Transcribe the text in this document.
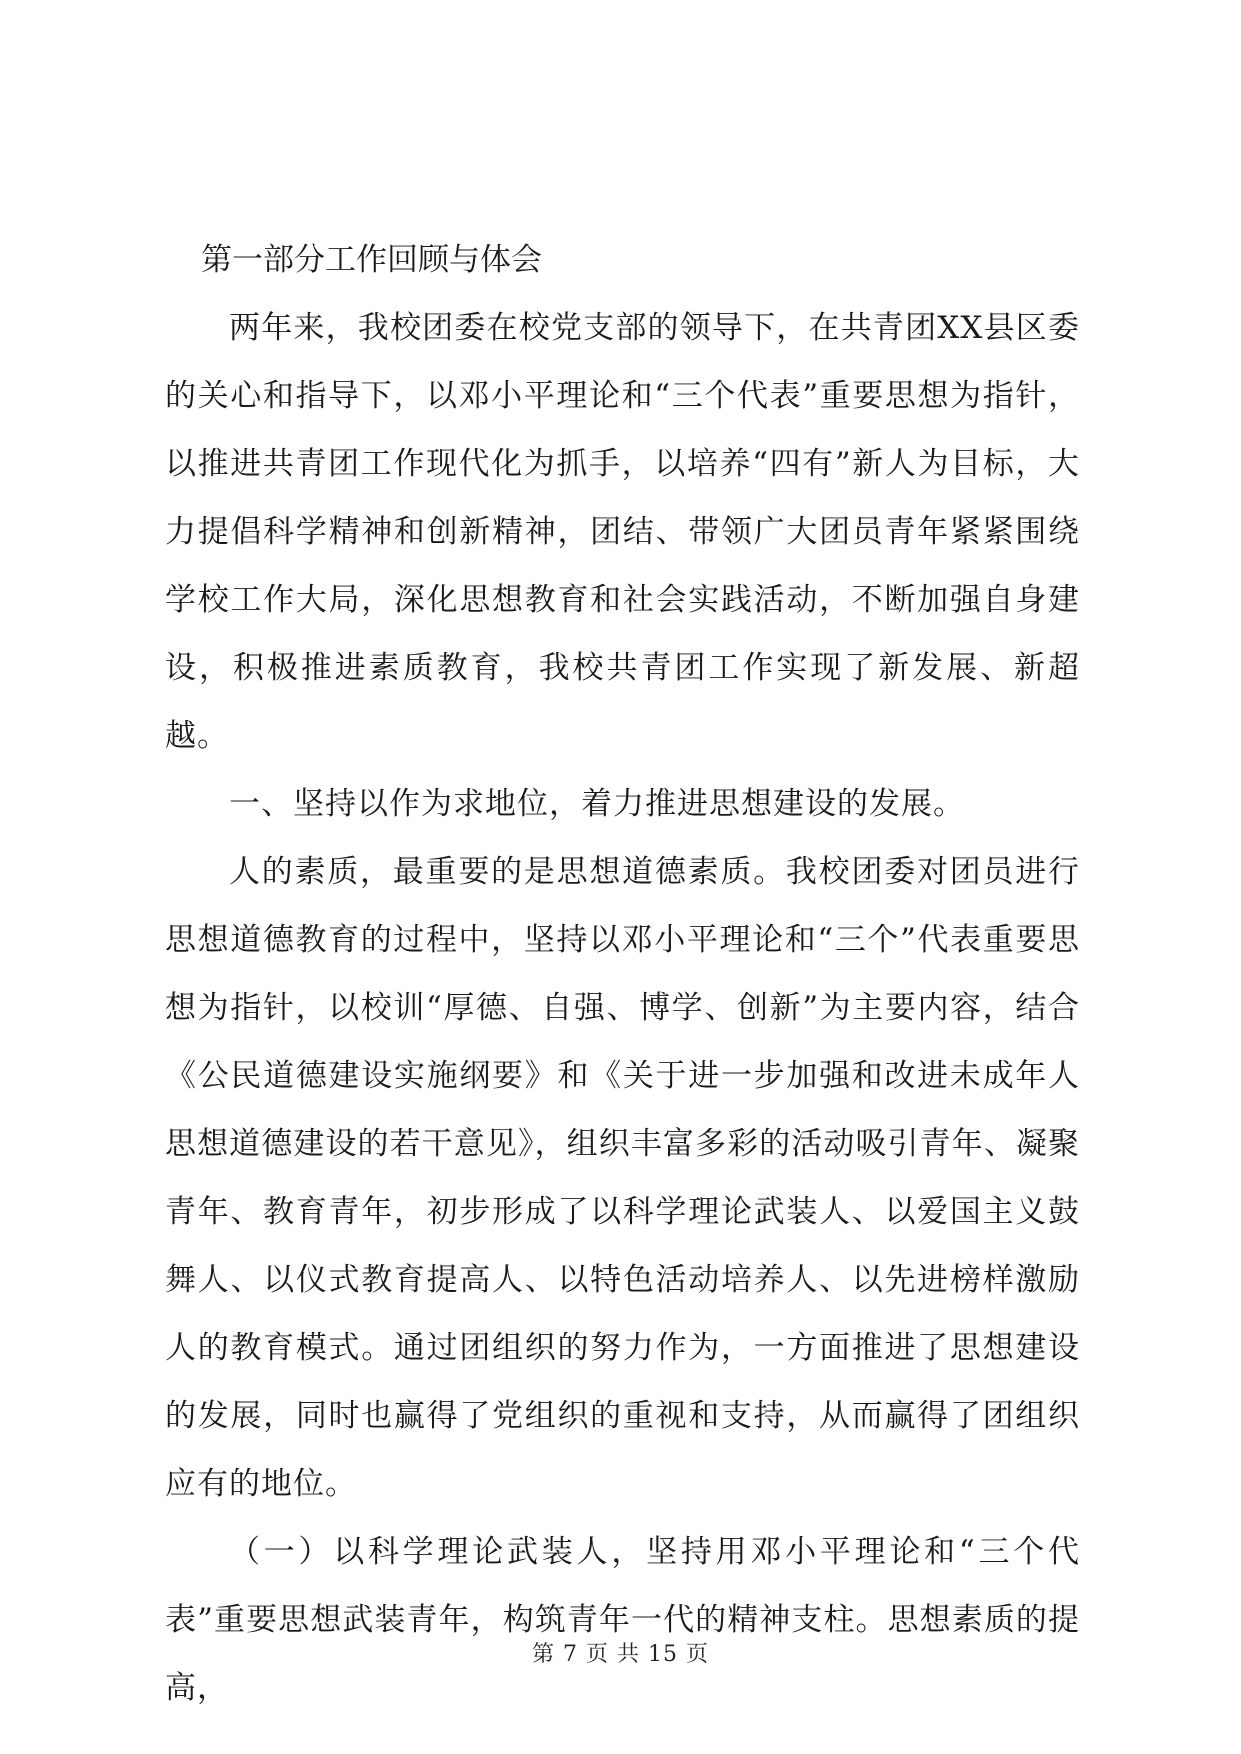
第一部分工作回顾与体会

两年来，我校团委在校党支部的领导下，在共青团XX县区委的关心和指导下，以邓小平理论和“三个代表”重要思想为指针，以推进共青团工作现代化为抓手，以培养“四有”新人为目标，大力提倡科学精神和创新精神，团结、带领广大团员青年紧紧围绕学校工作大局，深化思想教育和社会实践活动，不断加强自身建设，积极推进素质教育，我校共青团工作实现了新发展、新超越。

一、坚持以作为求地位，着力推进思想建设的发展。

人的素质，最重要的是思想道德素质。我校团委对团员进行思想道德教育的过程中，坚持以邓小平理论和“三个”代表重要思想为指针，以校训“厚德、自强、博学、创新”为主要内容，结合《公民道德建设实施纲要》和《关于进一步加强和改进未成年人思想道德建设的若干意见》，组织丰富多彩的活动吸引青年、凝聚青年、教育青年，初步形成了以科学理论武装人、以爱国主义鼓舞人、以仪式教育提高人、以特色活动培养人、以先进榜样激励人的教育模式。通过团组织的努力作为，一方面推进了思想建设的发展，同时也赢得了党组织的重视和支持，从而赢得了团组织应有的地位。

（一）以科学理论武装人，坚持用邓小平理论和“三个代表”重要思想武装青年，构筑青年一代的精神支柱。思想素质的提高，

第 7 页 共 15 页
